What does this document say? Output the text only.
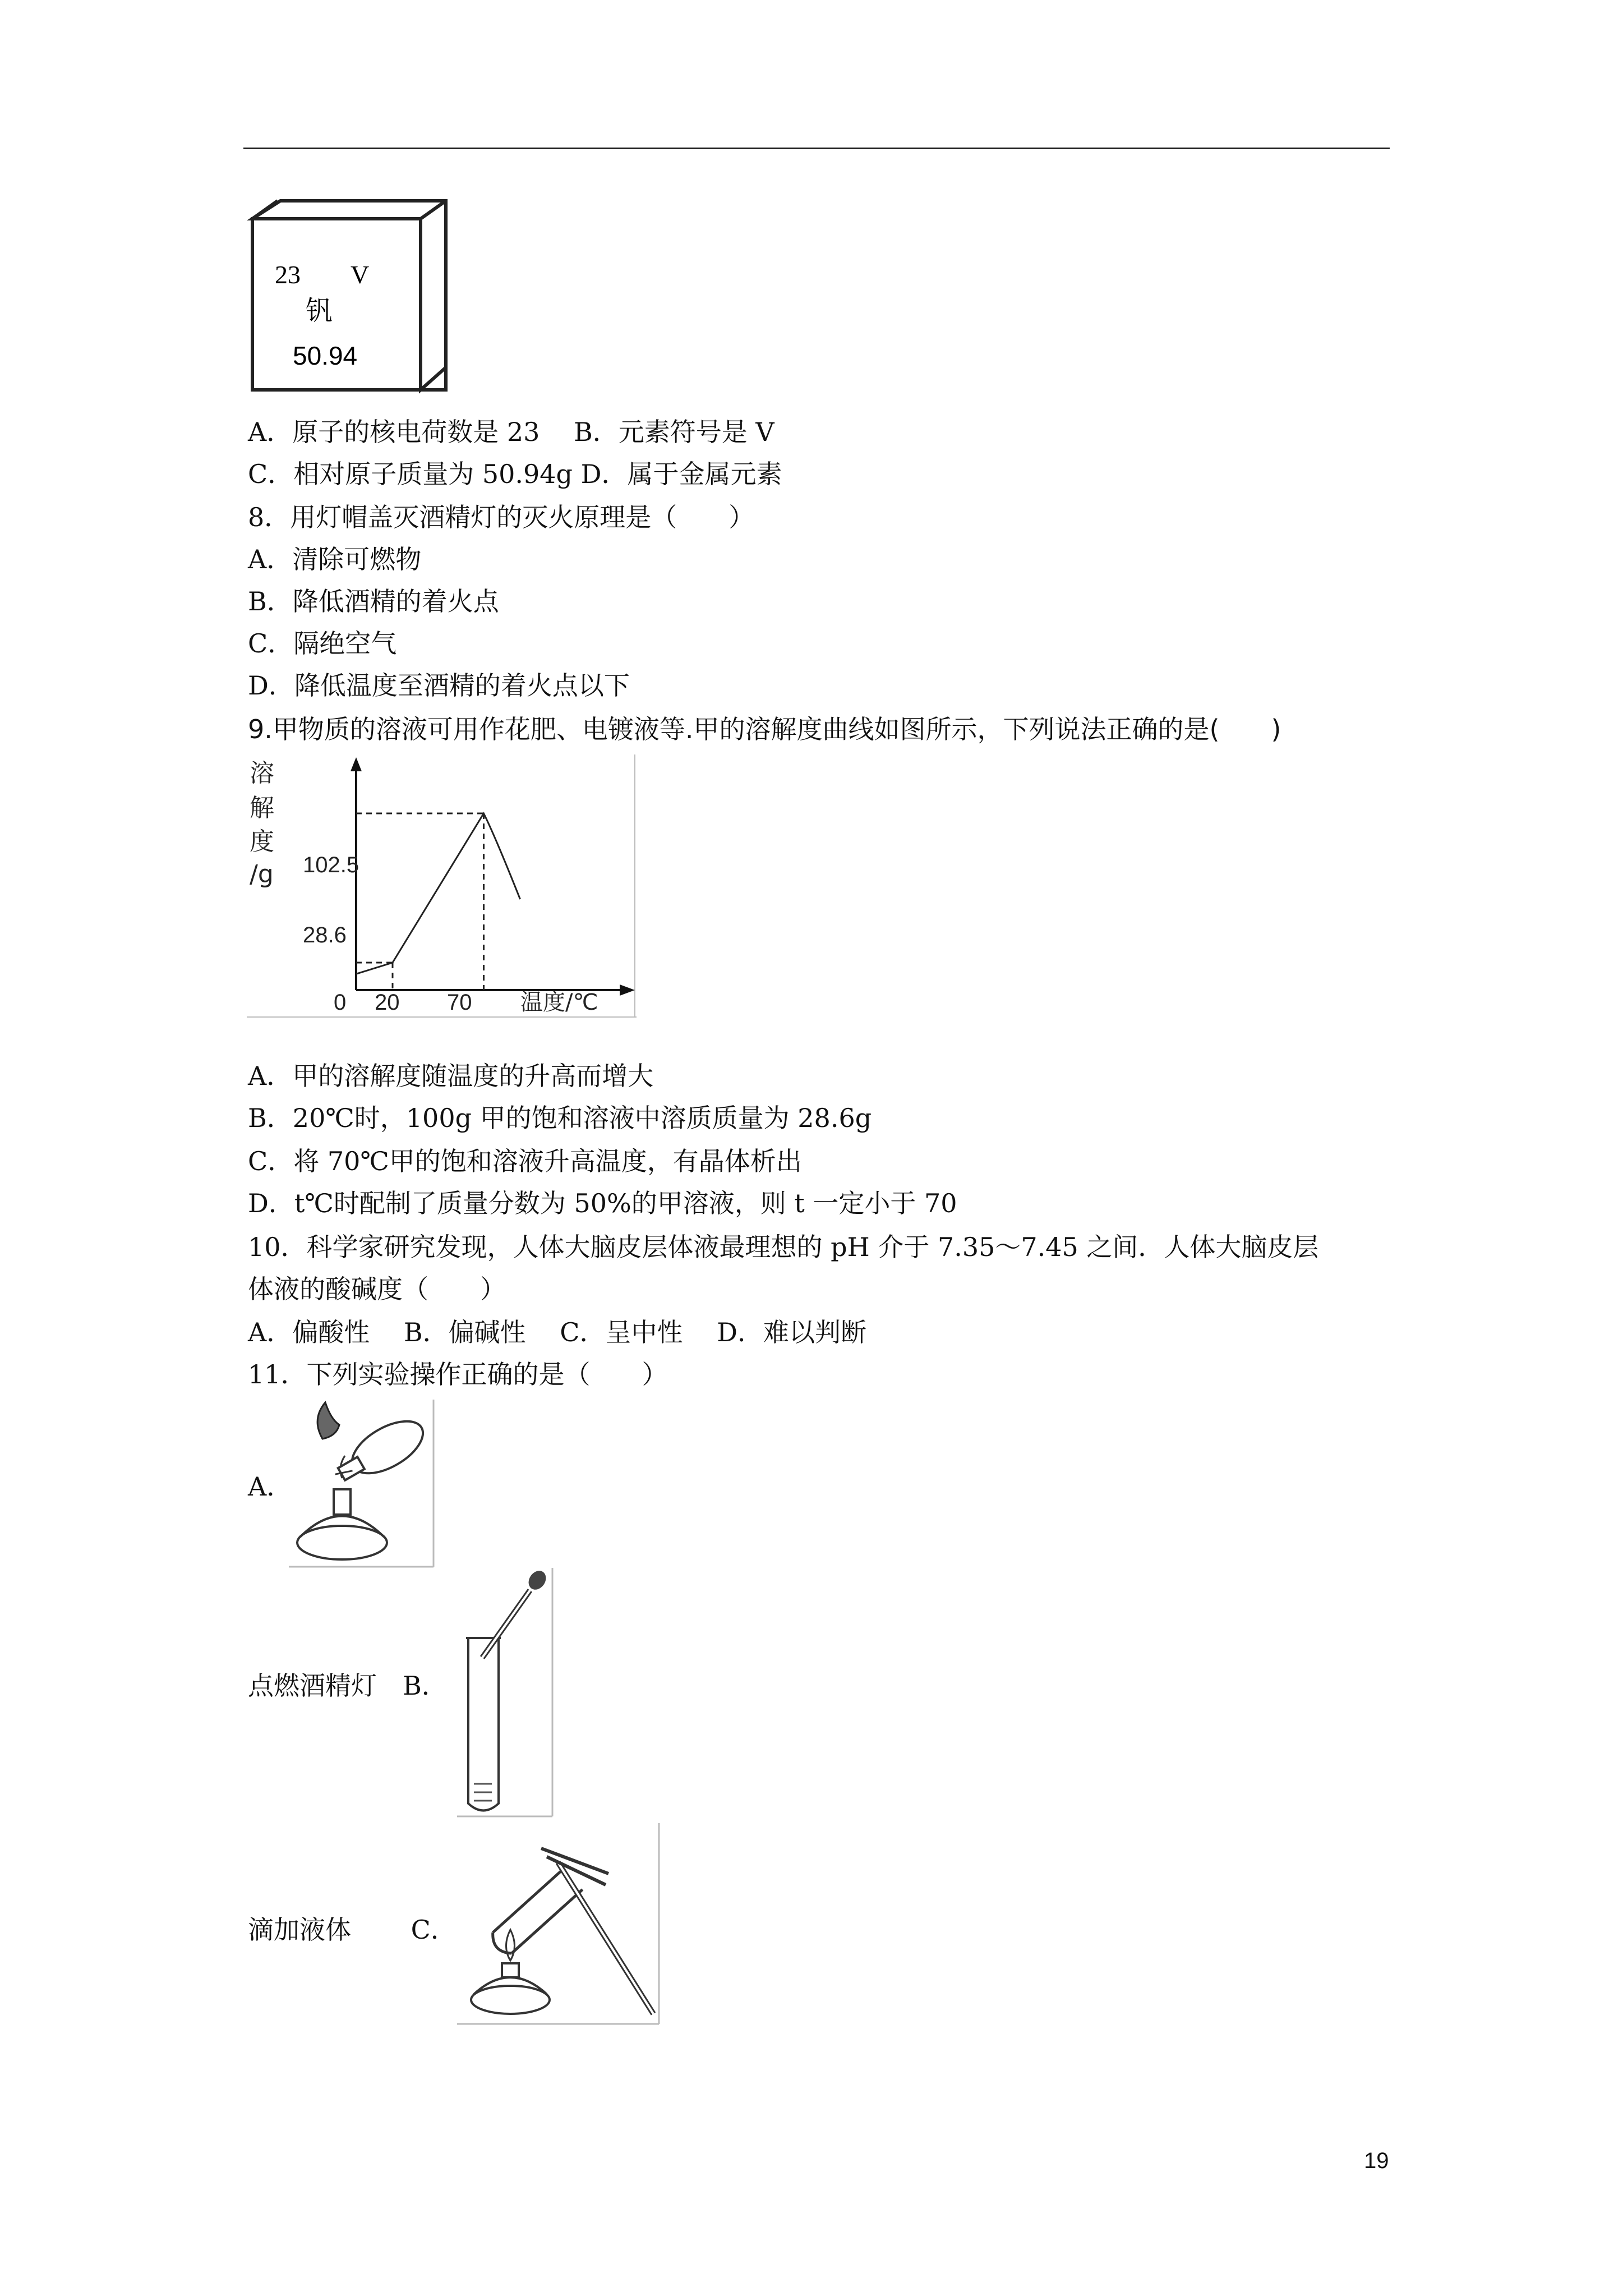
23 V
钒
50.94
A．原子的核电荷数是 23　 B．元素符号是 V
C．相对原子质量为 50.94g D．属于金属元素
8．用灯帽盖灭酒精灯的灭火原理是（　　）
A．清除可燃物
B．降低酒精的着火点
C．隔绝空气
D．降低温度至酒精的着火点以下
9.甲物质的溶液可用作花肥、电镀液等.甲的溶解度曲线如图所示，下列说法正确的是(　　)
溶
解
度
/g 102.5
28.6
0 20 70 温度/℃
A．甲的溶解度随温度的升高而增大
B．20℃时，100g 甲的饱和溶液中溶质质量为 28.6g
C．将 70℃甲的饱和溶液升高温度，有晶体析出
D．t℃时配制了质量分数为 50%的甲溶液，则 t 一定小于 70
10．科学家研究发现，人体大脑皮层体液最理想的 pH 介于 7.35～7.45 之间．人体大脑皮层
体液的酸碱度（　　）
A．偏酸性　 B．偏碱性　 C．呈中性　 D．难以判断
11．下列实验操作正确的是（　　）
A．
点燃酒精灯　B．
滴加液体　　 C．
19
